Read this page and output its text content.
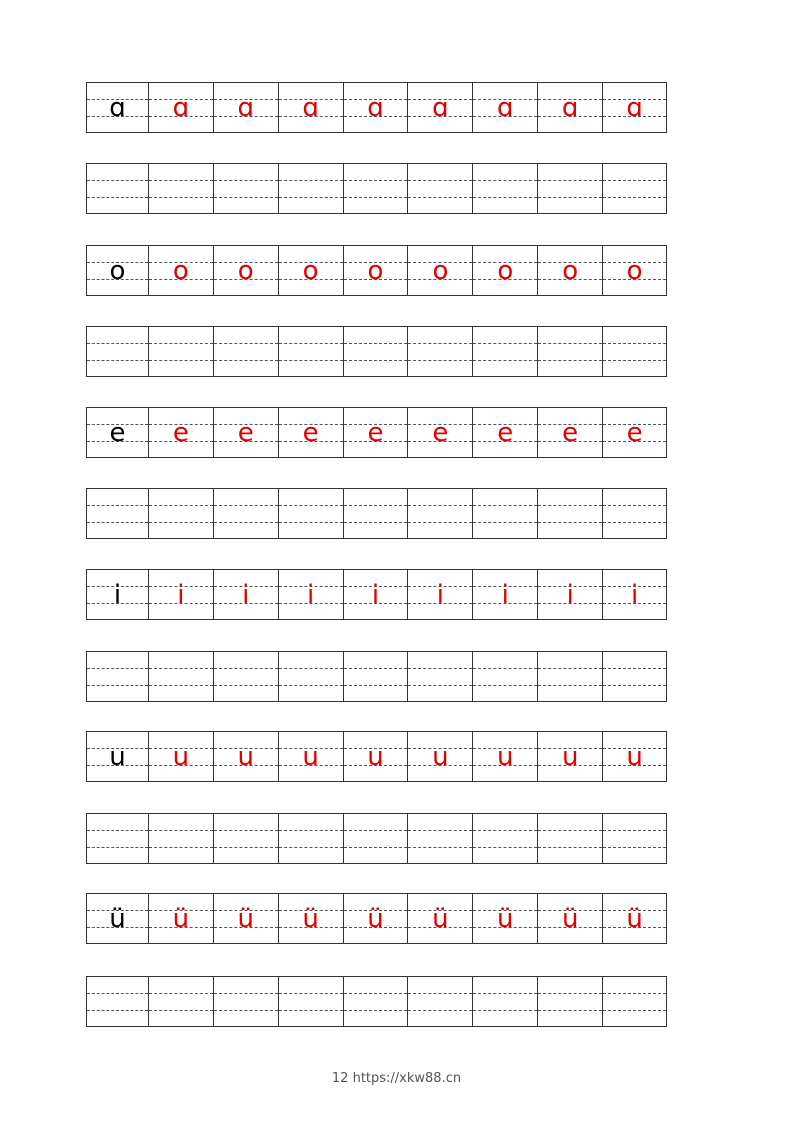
ɑ ɑ ɑ ɑ ɑ ɑ ɑ ɑ ɑ
o o o o o o o o o
e e e e e e e e e
i i i i i i i i i
u u u u u u u u u
ü ü ü ü ü ü ü ü ü
12 https://xkw88.cn
